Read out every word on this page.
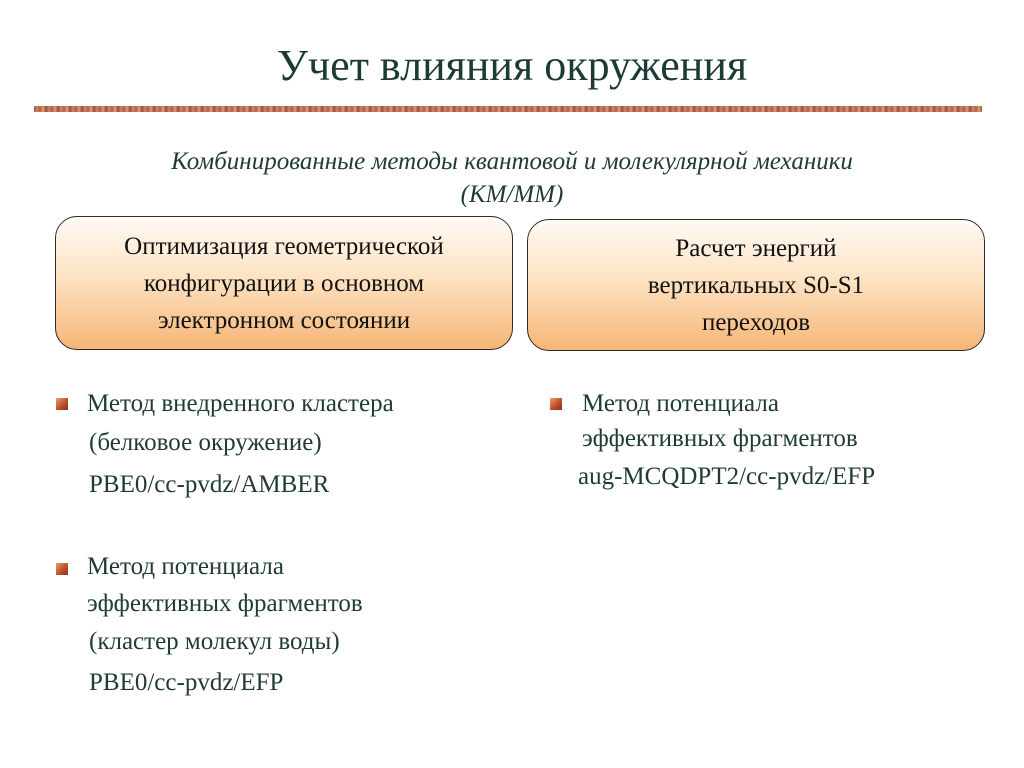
Учет влияния окружения
Комбинированные методы квантовой и молекулярной механики
(КМ/ММ)
Оптимизация геометрической
конфигурации в основном
электронном состоянии
Расчет энергий
вертикальных S0-S1
переходов
Метод внедренного кластера
(белковое окружение)
PBE0/cc-pvdz/AMBER
Метод потенциала
эффективных фрагментов
(кластер молекул воды)
PBE0/cc-pvdz/EFP
Метод потенциала
эффективных фрагментов
aug-MCQDPT2/cc-pvdz/EFP
